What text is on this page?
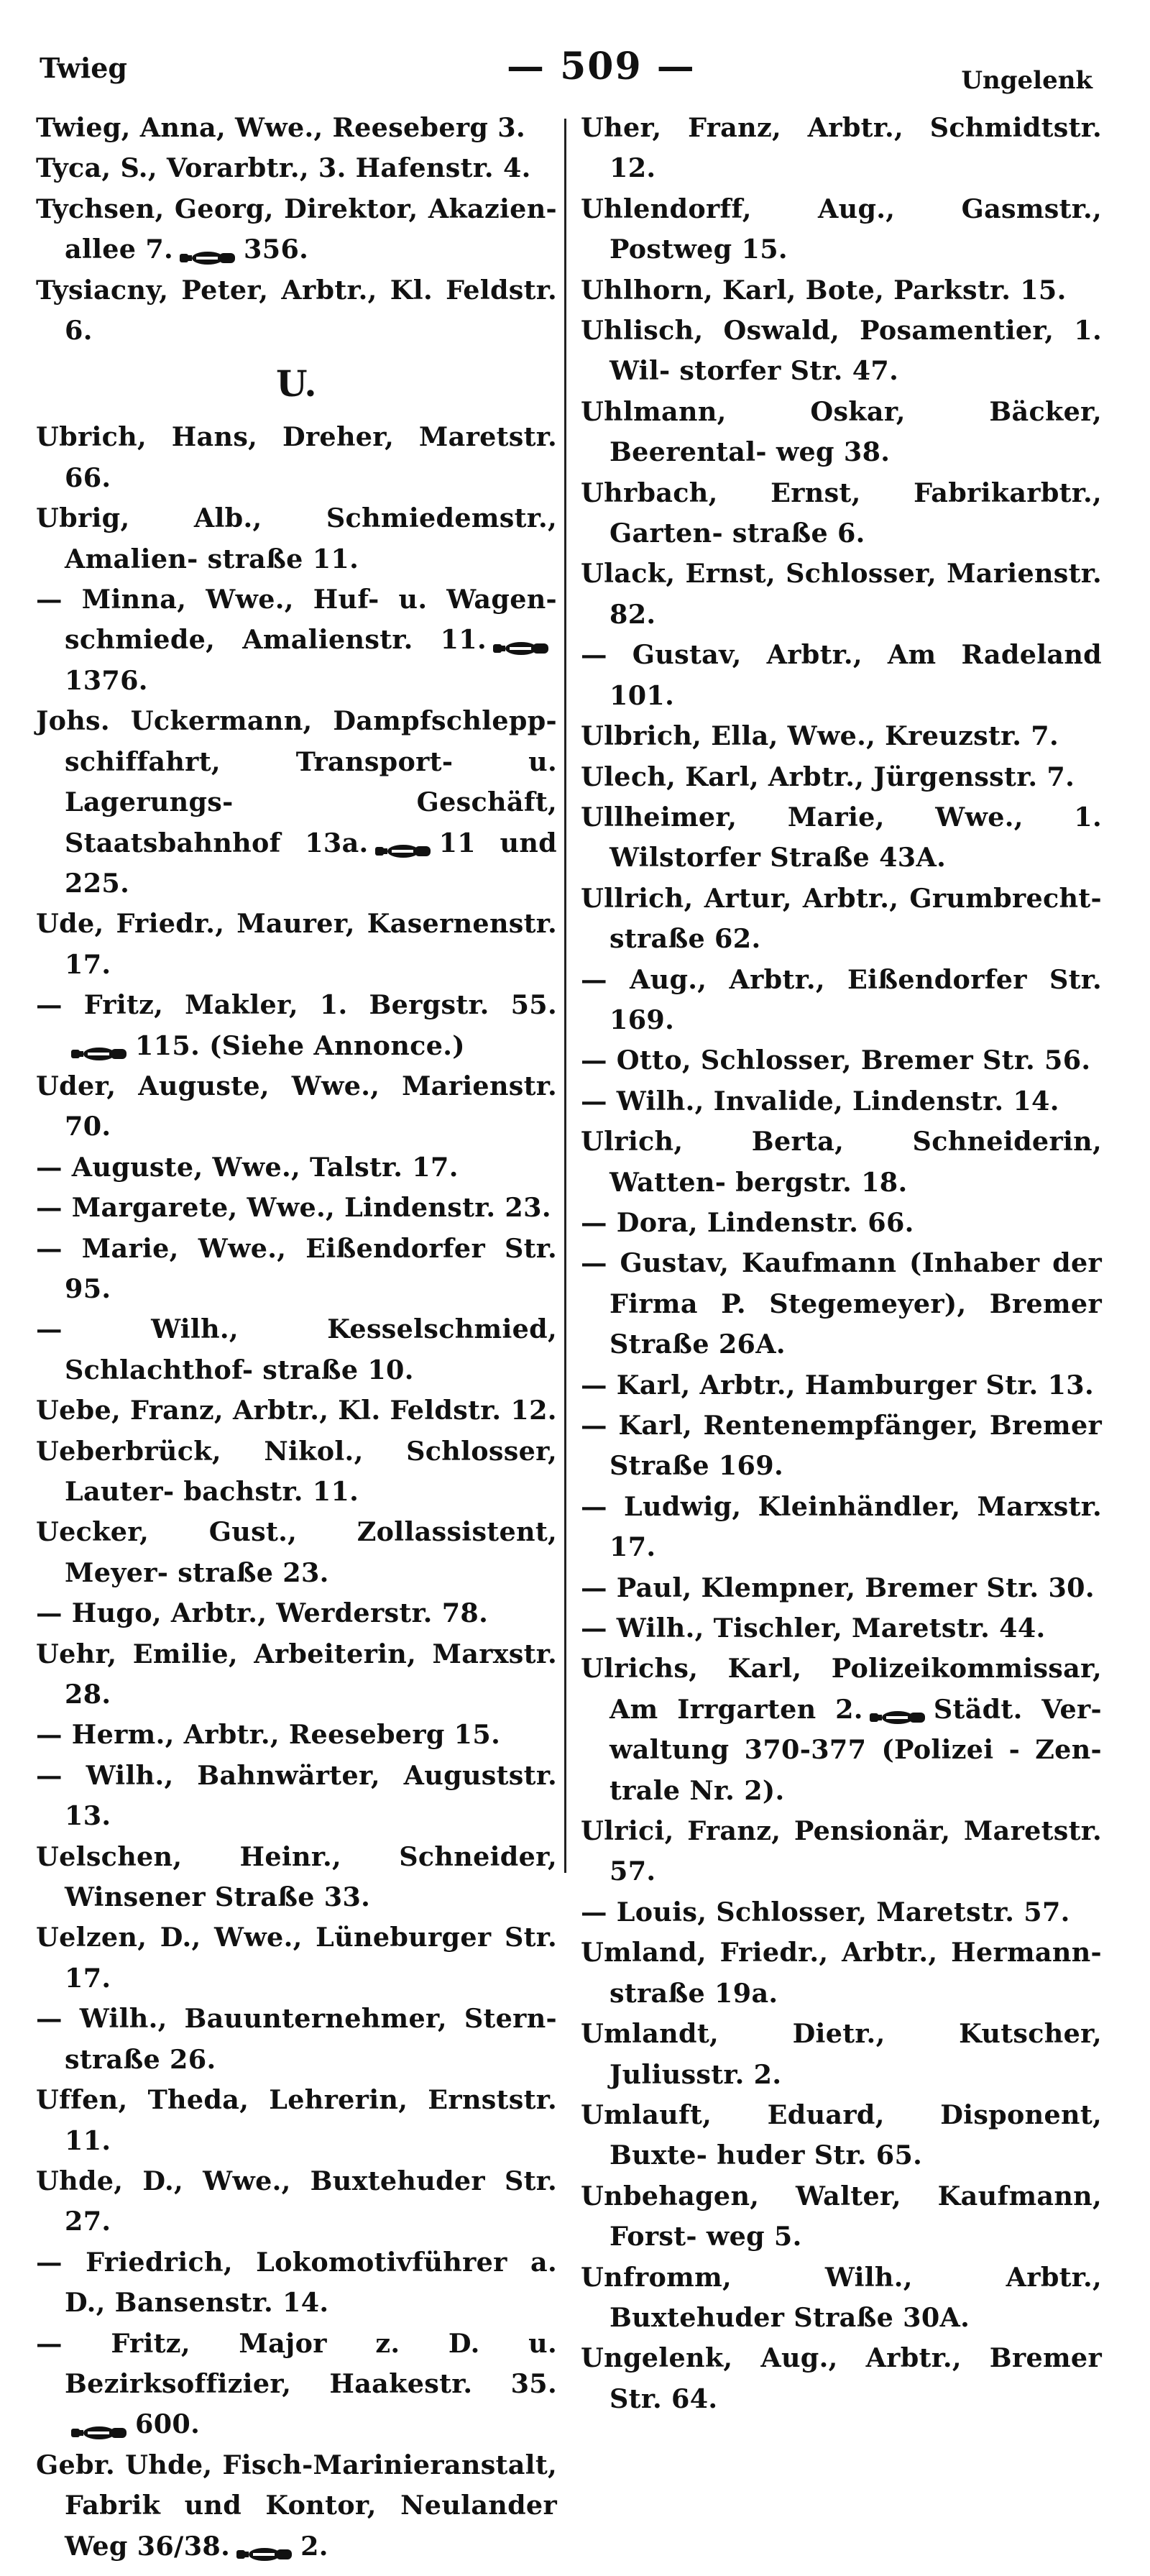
Twieg	— 509 —	Ungelenk

Twieg, Anna, Wwe., Reeseberg 3.

Tyca, S., Vorarbtr., 3. Hafenstr. 4.

Tychsen, Georg, Direktor, Akazien- allee 7.	356.

Tysiacny, Peter, Arbtr., Kl. Feldstr. 6.

U.

Ubrich, Hans, Dreher, Maretstr. 66.

Ubrig, Alb., Schmiedemstr., Amalien- straße 11.

— Minna, Wwe., Huf- u. Wagen- schmiede, Amalienstr. 11.1376.

Johs. Uckermann, Dampfschlepp- schiffahrt, Transport- u. Lagerungs- Geschäft, Staatsbahnhof 13a.	11 und 225.

Ude, Friedr., Maurer, Kasernenstr. 17.

— Fritz, Makler, 1. Bergstr. 55.115. (Siehe Annonce.)

Uder, Auguste, Wwe., Marienstr. 70.

— Auguste, Wwe., Talstr. 17.

— Margarete, Wwe., Lindenstr. 23.

— Marie, Wwe., Eißendorfer Str. 95.

— Wilh., Kesselschmied, Schlachthof- straße 10.

Uebe, Franz, Arbtr., Kl. Feldstr. 12.

Ueberbrück, Nikol., Schlosser, Lauter- bachstr. 11.

Uecker, Gust., Zollassistent, Meyer- straße 23.

— Hugo, Arbtr., Werderstr. 78.

Uehr, Emilie, Arbeiterin, Marxstr. 28.

— Herm., Arbtr., Reeseberg 15.

— Wilh., Bahnwärter, Auguststr. 13.

Uelschen, Heinr., Schneider, Winsener Straße 33.

Uelzen, D., Wwe., Lüneburger Str. 17.

— Wilh., Bauunternehmer, Stern- straße 26.

Uffen, Theda, Lehrerin, Ernststr. 11.

Uhde, D., Wwe., Buxtehuder Str. 27.

— Friedrich, Lokomotivführer a. D., Bansenstr. 14.

— Fritz, Major z. D. u. Bezirksoffizier, Haakestr. 35.600.

Gebr. Uhde, Fisch-Marinieranstalt, Fabrik und Kontor, Neulander Weg 36/38.	2.

Uher, Franz, Arbtr., Schmidtstr. 12.

Uhlendorff, Aug., Gasmstr., Postweg 15.

Uhlhorn, Karl, Bote, Parkstr. 15.

Uhlisch, Oswald, Posamentier, 1. Wil- storfer Str. 47.

Uhlmann, Oskar, Bäcker, Beerental- weg 38.

Uhrbach, Ernst, Fabrikarbtr., Garten- straße 6.

Ulack, Ernst, Schlosser, Marienstr. 82.

— Gustav, Arbtr., Am Radeland 101.

Ulbrich, Ella, Wwe., Kreuzstr. 7.

Ulech, Karl, Arbtr., Jürgensstr. 7.

Ullheimer, Marie, Wwe., 1. Wilstorfer Straße 43A.

Ullrich, Artur, Arbtr., Grumbrecht- straße 62.

— Aug., Arbtr., Eißendorfer Str. 169.

— Otto, Schlosser, Bremer Str. 56.

— Wilh., Invalide, Lindenstr. 14.

Ulrich, Berta, Schneiderin, Watten- bergstr. 18.

— Dora, Lindenstr. 66.

— Gustav, Kaufmann (Inhaber der Firma P. Stegemeyer), Bremer Straße 26A.

— Karl, Arbtr., Hamburger Str. 13.

— Karl, Rentenempfänger, Bremer Straße 169.

— Ludwig, Kleinhändler, Marxstr. 17.

— Paul, Klempner, Bremer Str. 30.

— Wilh., Tischler, Maretstr. 44.

Ulrichs, Karl, Polizeikommissar, Am Irrgarten 2.	Städt. Ver- waltung 370-377 (Polizei - Zen- trale Nr. 2).

Ulrici, Franz, Pensionär, Maretstr. 57.

— Louis, Schlosser, Maretstr. 57.

Umland, Friedr., Arbtr., Hermann- straße 19a.

Umlandt, Dietr., Kutscher, Juliusstr. 2.

Umlauft, Eduard, Disponent, Buxte- huder Str. 65.

Unbehagen, Walter, Kaufmann, Forst- weg 5.

Unfromm, Wilh., Arbtr., Buxtehuder Straße 30A.

Ungelenk, Aug., Arbtr., Bremer Str. 64.
